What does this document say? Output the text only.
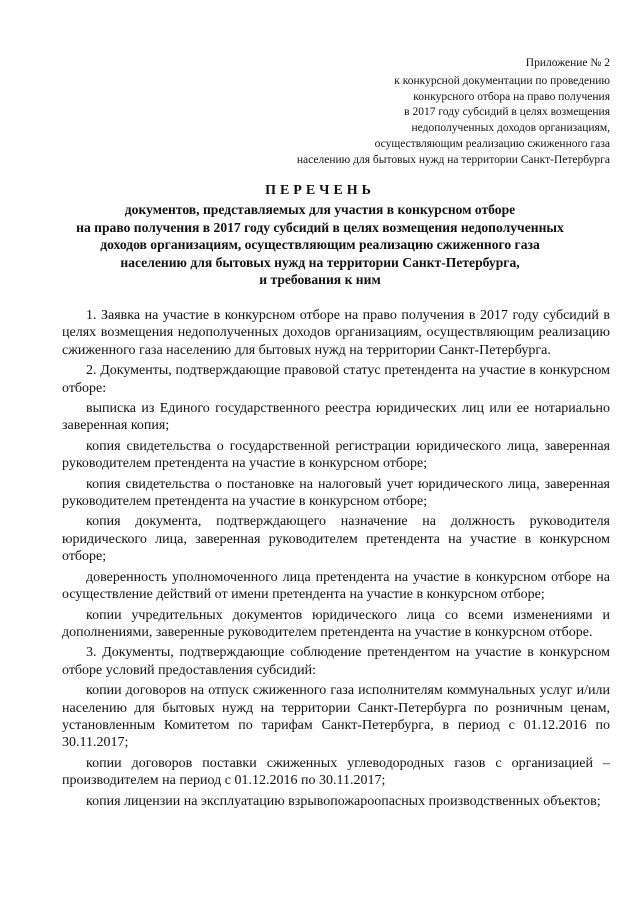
Приложение № 2
к конкурсной документации по проведению
конкурсного отбора на право получения
в 2017 году субсидий в целях возмещения
недополученных доходов организациям,
осуществляющим реализацию сжиженного газа
населению для бытовых нужд на территории Санкт-Петербурга
ПЕРЕЧЕНЬ
документов, представляемых для участия в конкурсном отборе
на право получения в 2017 году субсидий в целях возмещения недополученных
доходов организациям, осуществляющим реализацию сжиженного газа
населению для бытовых нужд на территории Санкт-Петербурга,
и требования к ним

1. Заявка на участие в конкурсном отборе на право получения в 2017 году субсидий в целях возмещения недополученных доходов организациям, осуществляющим реализацию сжиженного газа населению для бытовых нужд на территории Санкт-Петербурга.

2. Документы, подтверждающие правовой статус претендента на участие в конкурсном отборе:

выписка из Единого государственного реестра юридических лиц или ее нотариально заверенная копия;

копия свидетельства о государственной регистрации юридического лица, заверенная руководителем претендента на участие в конкурсном отборе;

копия свидетельства о постановке на налоговый учет юридического лица, заверенная руководителем претендента на участие в конкурсном отборе;

копия документа, подтверждающего назначение на должность руководителя юридического лица, заверенная руководителем претендента на участие в конкурсном отборе;

доверенность уполномоченного лица претендента на участие в конкурсном отборе на осуществление действий от имени претендента на участие в конкурсном отборе;

копии учредительных документов юридического лица со всеми изменениями и дополнениями, заверенные руководителем претендента на участие в конкурсном отборе.

3. Документы, подтверждающие соблюдение претендентом на участие в конкурсном отборе условий предоставления субсидий:

копии договоров на отпуск сжиженного газа исполнителям коммунальных услуг и/или населению для бытовых нужд на территории Санкт-Петербурга по розничным ценам, установленным Комитетом по тарифам Санкт-Петербурга, в период с 01.12.2016 по 30.11.2017;

копии договоров поставки сжиженных углеводородных газов с организацией – производителем на период с 01.12.2016 по 30.11.2017;

копия лицензии на эксплуатацию взрывопожароопасных производственных объектов;
